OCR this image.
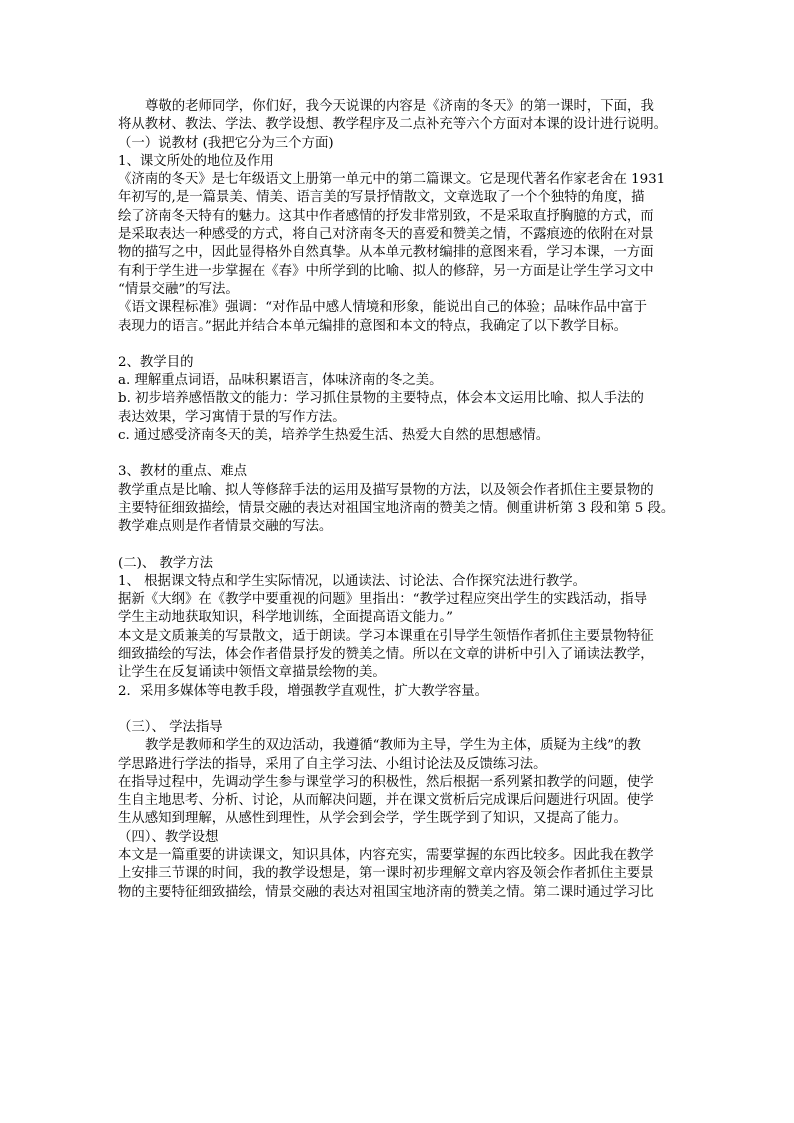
尊敬的老师同学，你们好，我今天说课的内容是《济南的冬天》的第一课时，下面，我
将从教材、教法、学法、教学设想、教学程序及二点补充等六个方面对本课的设计进行说明。
（一）说教材 (我把它分为三个方面)
1、课文所处的地位及作用
《济南的冬天》是七年级语文上册第一单元中的第二篇课文。它是现代著名作家老舍在 1931
年初写的,是一篇景美、情美、语言美的写景抒情散文，文章选取了一个个独特的角度，描
绘了济南冬天特有的魅力。这其中作者感情的抒发非常别致，不是采取直抒胸臆的方式，而
是采取表达一种感受的方式，将自己对济南冬天的喜爱和赞美之情，不露痕迹的依附在对景
物的描写之中，因此显得格外自然真挚。从本单元教材编排的意图来看，学习本课，一方面
有利于学生进一步掌握在《春》中所学到的比喻、拟人的修辞，另一方面是让学生学习文中
“情景交融”的写法。
《语文课程标准》强调：“对作品中感人情境和形象，能说出自己的体验；品味作品中富于
表现力的语言。”据此并结合本单元编排的意图和本文的特点，我确定了以下教学目标。
2、教学目的
a. 理解重点词语，品味积累语言，体味济南的冬之美。
b. 初步培养感悟散文的能力：学习抓住景物的主要特点，体会本文运用比喻、拟人手法的
表达效果，学习寓情于景的写作方法。
c. 通过感受济南冬天的美，培养学生热爱生活、热爱大自然的思想感情。
3、教材的重点、难点
教学重点是比喻、拟人等修辞手法的运用及描写景物的方法，以及领会作者抓住主要景物的
主要特征细致描绘，情景交融的表达对祖国宝地济南的赞美之情。侧重讲析第 3 段和第 5 段。
教学难点则是作者情景交融的写法。
(二)、 教学方法
1、 根据课文特点和学生实际情况，以通读法、讨论法、合作探究法进行教学。
据新《大纲》在《教学中要重视的问题》里指出：“教学过程应突出学生的实践活动，指导
学生主动地获取知识，科学地训练，全面提高语文能力。”
本文是文质兼美的写景散文，适于朗读。学习本课重在引导学生领悟作者抓住主要景物特征
细致描绘的写法，体会作者借景抒发的赞美之情。所以在文章的讲析中引入了诵读法教学，
让学生在反复诵读中领悟文章描景绘物的美。
2．采用多媒体等电教手段，增强教学直观性，扩大教学容量。
（三）、 学法指导
教学是教师和学生的双边活动，我遵循“教师为主导，学生为主体，质疑为主线”的教
学思路进行学法的指导，采用了自主学习法、小组讨论法及反馈练习法。
在指导过程中，先调动学生参与课堂学习的积极性，然后根据一系列紧扣教学的问题，使学
生自主地思考、分析、讨论，从而解决问题，并在课文赏析后完成课后问题进行巩固。使学
生从感知到理解，从感性到理性，从学会到会学，学生既学到了知识，又提高了能力。
（四）、教学设想
本文是一篇重要的讲读课文，知识具体，内容充实，需要掌握的东西比较多。因此我在教学
上安排三节课的时间，我的教学设想是，第一课时初步理解文章内容及领会作者抓住主要景
物的主要特征细致描绘，情景交融的表达对祖国宝地济南的赞美之情。第二课时通过学习比
